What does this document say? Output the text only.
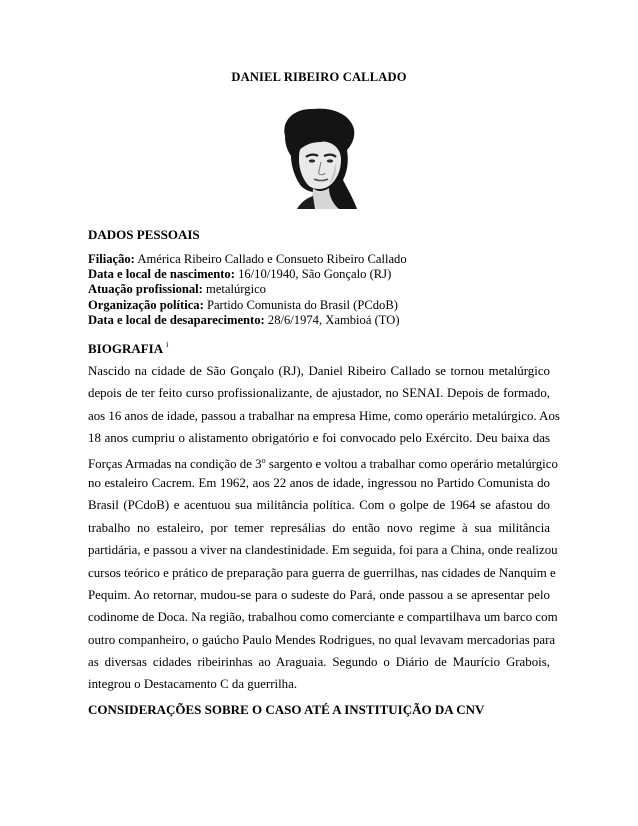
DANIEL RIBEIRO CALLADO
DADOS PESSOAIS
Filiação: Américа Ribeiro Callado e Consueto Ribeiro Callado
Data e local de nascimento: 16/10/1940, São Gonçalo (RJ)
Atuação profissional: metalúrgico
Organização política: Partido Comunista do Brasil (PCdoB)
Data e local de desaparecimento: 28/6/1974, Xambioá (TO)
BIOGRAFIA $^i$
Nascido na cidade de São Gonçalo (RJ), Daniel Ribeiro Callado se tornou metalúrgico
depois de ter feito curso profissionalizante, de ajustador, no SENAI. Depois de formado,
aos 16 anos de idade, passou a trabalhar na empresa Hime, como operário metalúrgico. Aos
18 anos cumpriu o alistamento obrigatório e foi convocado pelo Exército. Deu baixa das
Forças Armadas na condição de 3$^o$ sargento e voltou a trabalhar como operário metalúrgico
no estaleiro Cacrem. Em 1962, aos 22 anos de idade, ingressou no Partido Comunista do
Brasil (PCdoB) e acentuou sua militância política. Com o golpe de 1964 se afastou do
trabalho no estaleiro, por temer represálias do então novo regime à sua militância
partidária, e passou a viver na clandestinidade. Em seguida, foi para a China, onde realizou
cursos teórico e prático de preparação para guerra de guerrilhas, nas cidades de Nanquim e
Pequim. Ao retornar, mudou-se para o sudeste do Pará, onde passou a se apresentar pelo
codinome de Doca. Na região, trabalhou como comerciante e compartilhava um barco com
outro companheiro, o gaúcho Paulo Mendes Rodrigues, no qual levavam mercadorias para
as diversas cidades ribeirinhas ao Araguaia. Segundo o Diário de Maurício Grabois,
integrou o Destacamento C da guerrilha.
CONSIDERAÇÕES SOBRE O CASO ATÉ A INSTITUIÇÃO DA CNV
